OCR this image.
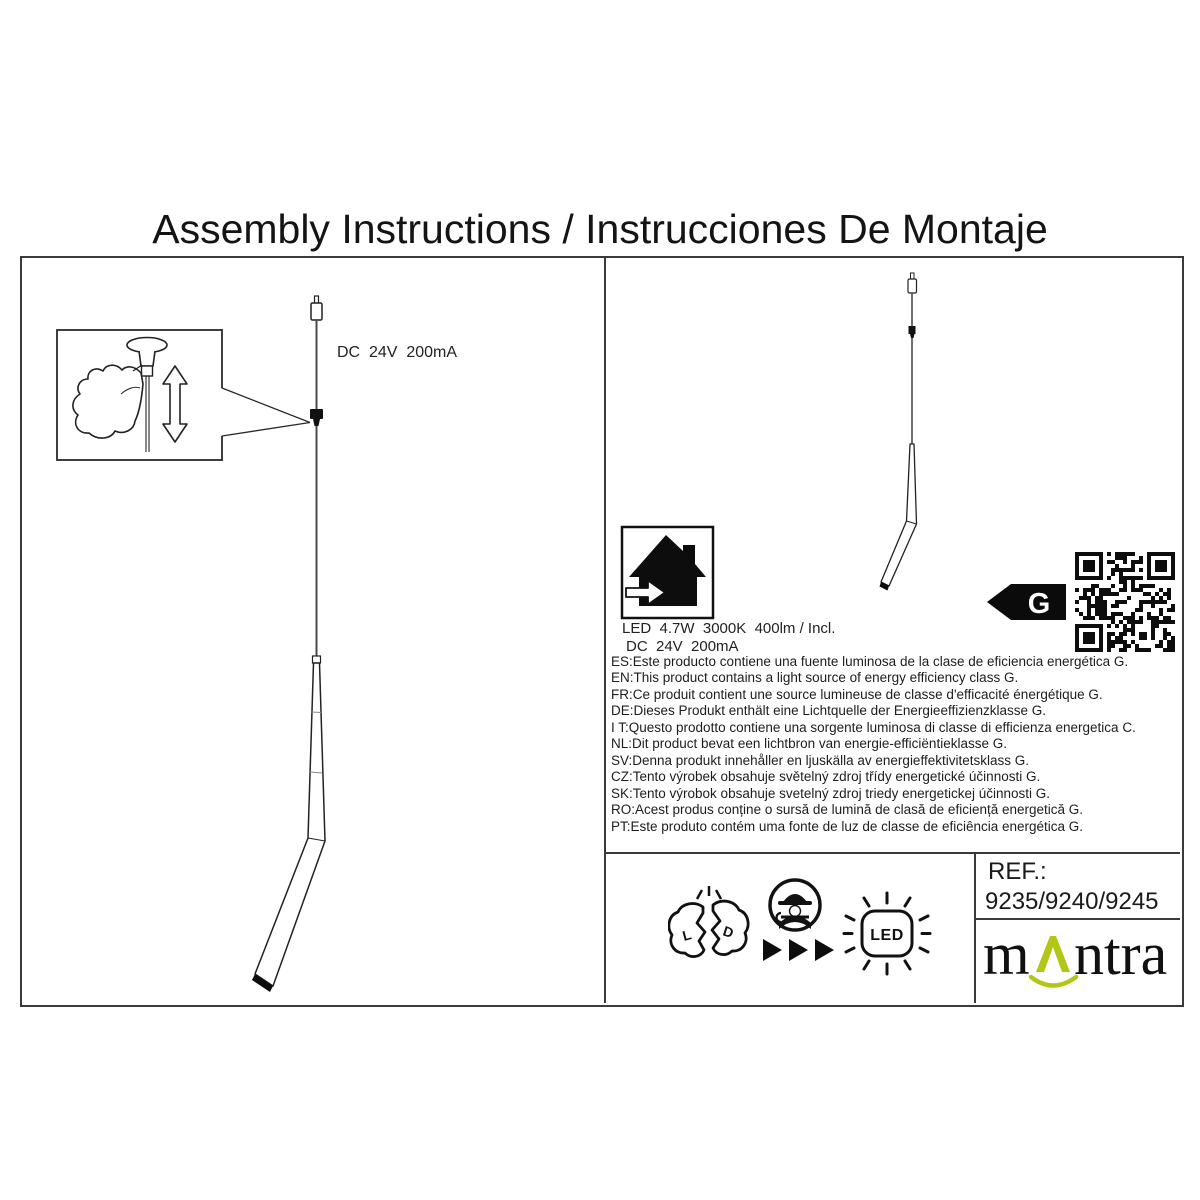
Assembly Instructions / Instrucciones De Montaje
DC  24V  200mA
LED  4.7W  3000K  400lm / Incl.
DC  24V  200mA
ES:Este producto contiene una fuente luminosa de la clase de eficiencia energética G.
EN:This product contains a light source of energy efficiency class G.
FR:Ce produit contient une source lumineuse de classe d'efficacité énergétique G.
DE:Dieses Produkt enthält eine Lichtquelle der Energieeffizienzklasse G.
I T:Questo prodotto contiene una sorgente luminosa di classe di efficienza energetica C.
NL:Dit product bevat een lichtbron van energie-efficiëntieklasse G.
SV:Denna produkt innehåller en ljuskälla av energieffektivitetsklass G.
CZ:Tento výrobek obsahuje světelný zdroj třídy energetické účinnosti G.
SK:Tento výrobok obsahuje svetelný zdroj triedy energetickej účinnosti G.
RO:Acest produs conține o sursă de lumină de clasă de eficiență energetică G.
PT:Este produto contém uma fonte de luz de classe de eficiência energética G.
G
L D	LED
REF.:
9235/9240/9245
m ntra
